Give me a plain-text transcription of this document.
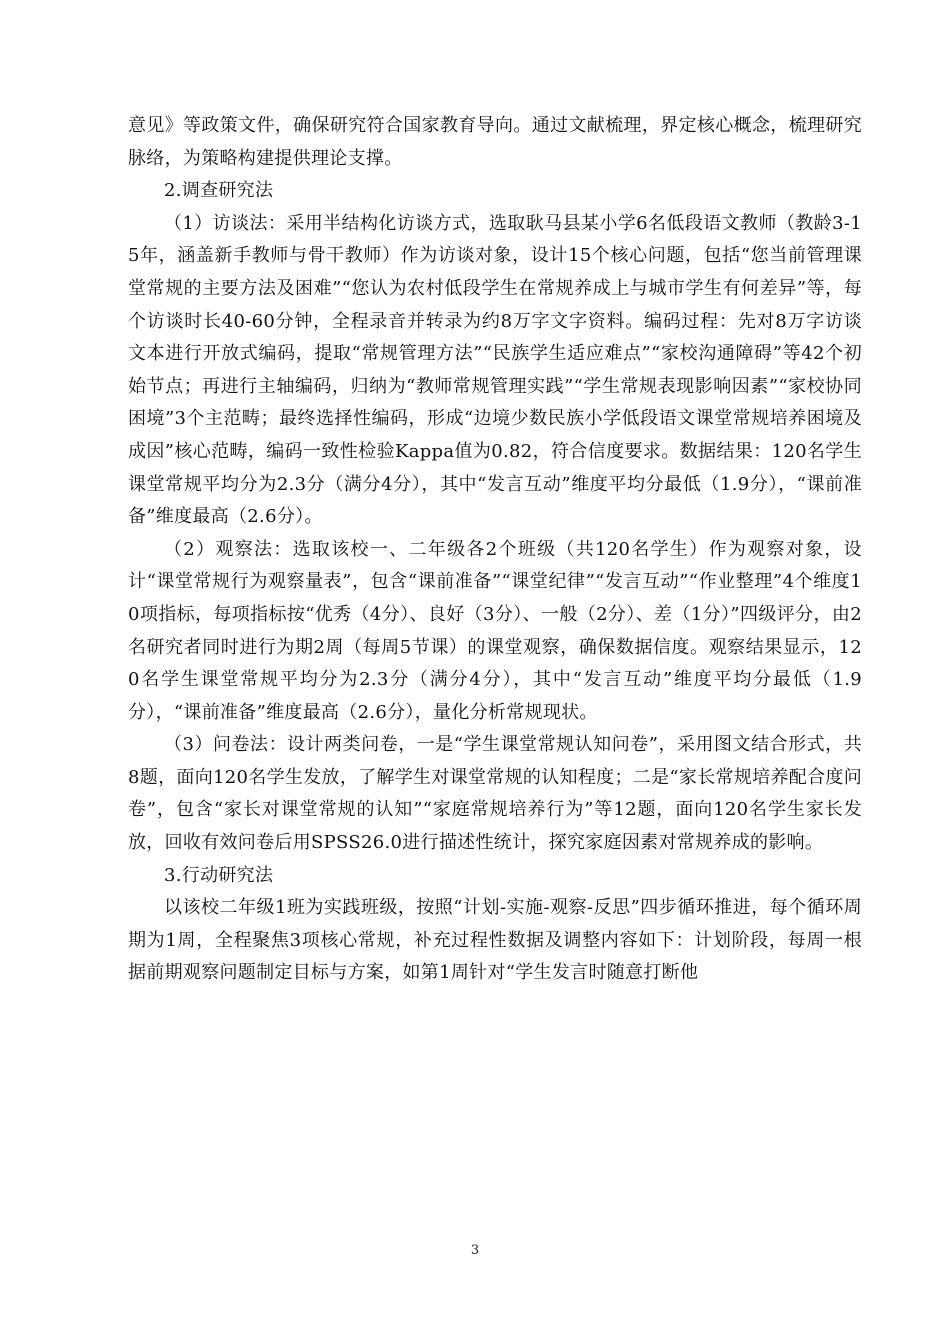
意见》等政策文件，确保研究符合国家教育导向。通过文献梳理，界定核心概念，梳理研究脉络，为策略构建提供理论支撑。

2.调查研究法

（1）访谈法：采用半结构化访谈方式，选取耿马县某小学6名低段语文教师（教龄3-15年，涵盖新手教师与骨干教师）作为访谈对象，设计15个核心问题，包括“您当前管理课堂常规的主要方法及困难”“您认为农村低段学生在常规养成上与城市学生有何差异”等，每个访谈时长40-60分钟，全程录音并转录为约8万字文字资料。编码过程：先对8万字访谈文本进行开放式编码，提取“常规管理方法”“民族学生适应难点”“家校沟通障碍”等42个初始节点；再进行主轴编码，归纳为“教师常规管理实践”“学生常规表现影响因素”“家校协同困境”3个主范畴；最终选择性编码，形成“边境少数民族小学低段语文课堂常规培养困境及成因”核心范畴，编码一致性检验Kappa值为0.82，符合信度要求。数据结果：120名学生课堂常规平均分为2.3分（满分4分），其中“发言互动”维度平均分最低（1.9分），“课前准备”维度最高（2.6分）。

（2）观察法：选取该校一、二年级各2个班级（共120名学生）作为观察对象，设计“课堂常规行为观察量表”，包含“课前准备”“课堂纪律”“发言互动”“作业整理”4个维度10项指标，每项指标按“优秀（4分）、良好（3分）、一般（2分）、差（1分）”四级评分，由2名研究者同时进行为期2周（每周5节课）的课堂观察，确保数据信度。观察结果显示，120名学生课堂常规平均分为2.3分（满分4分），其中“发言互动”维度平均分最低（1.9分），“课前准备”维度最高（2.6分），量化分析常规现状。

（3）问卷法：设计两类问卷，一是“学生课堂常规认知问卷”，采用图文结合形式，共8题，面向120名学生发放，了解学生对课堂常规的认知程度；二是“家长常规培养配合度问卷”，包含“家长对课堂常规的认知”“家庭常规培养行为”等12题，面向120名学生家长发放，回收有效问卷后用SPSS26.0进行描述性统计，探究家庭因素对常规养成的影响。

3.行动研究法

以该校二年级1班为实践班级，按照“计划-实施-观察-反思”四步循环推进，每个循环周期为1周，全程聚焦3项核心常规，补充过程性数据及调整内容如下：计划阶段，每周一根据前期观察问题制定目标与方案，如第1周针对“学生发言时随意打断他

3
